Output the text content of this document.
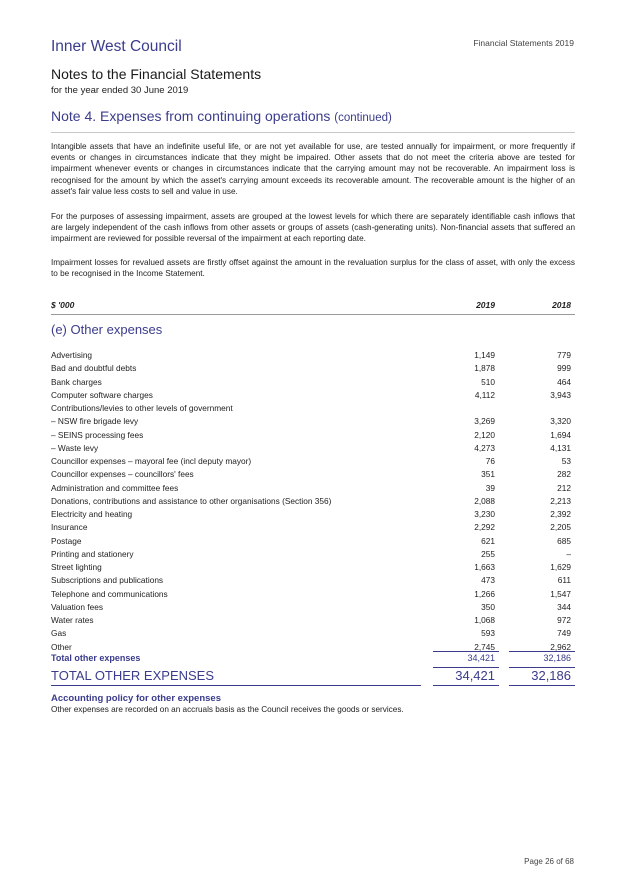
Inner West Council	Financial Statements 2019
Notes to the Financial Statements
for the year ended 30 June 2019
Note 4. Expenses from continuing operations (continued)

Intangible assets that have an indefinite useful life, or are not yet available for use, are tested annually for impairment, or more frequently if events or changes in circumstances indicate that they might be impaired. Other assets that do not meet the criteria above are tested for impairment whenever events or changes in circumstances indicate that the carrying amount may not be recoverable. An impairment loss is recognised for the amount by which the asset's carrying amount exceeds its recoverable amount. The recoverable amount is the higher of an asset's fair value less costs to sell and value in use.

For the purposes of assessing impairment, assets are grouped at the lowest levels for which there are separately identifiable cash inflows that are largely independent of the cash inflows from other assets or groups of assets (cash-generating units). Non-financial assets that suffered an impairment are reviewed for possible reversal of the impairment at each reporting date.

Impairment losses for revalued assets are firstly offset against the amount in the revaluation surplus for the class of asset, with only the excess to be recognised in the Income Statement.

$ '000	2019	2018
(e) Other expenses
Advertising	1,149	779
Bad and doubtful debts	1,878	999
Bank charges	510	464
Computer software charges	4,112	3,943
Contributions/levies to other levels of government
– NSW fire brigade levy	3,269	3,320
– SEINS processing fees	2,120	1,694
– Waste levy	4,273	4,131
Councillor expenses – mayoral fee (incl deputy mayor)	76	53
Councillor expenses – councillors' fees	351	282
Administration and committee fees	39	212
Donations, contributions and assistance to other organisations (Section 356)	2,088	2,213
Electricity and heating	3,230	2,392
Insurance	2,292	2,205
Postage	621	685
Printing and stationery	255	–
Street lighting	1,663	1,629
Subscriptions and publications	473	611
Telephone and communications	1,266	1,547
Valuation fees	350	344
Water rates	1,068	972
Gas	593	749
Other	2,745	2,962
Total other expenses	34,421	32,186
TOTAL OTHER EXPENSES	34,421	32,186
Accounting policy for other expenses
Other expenses are recorded on an accruals basis as the Council receives the goods or services.
Page 26 of 68
